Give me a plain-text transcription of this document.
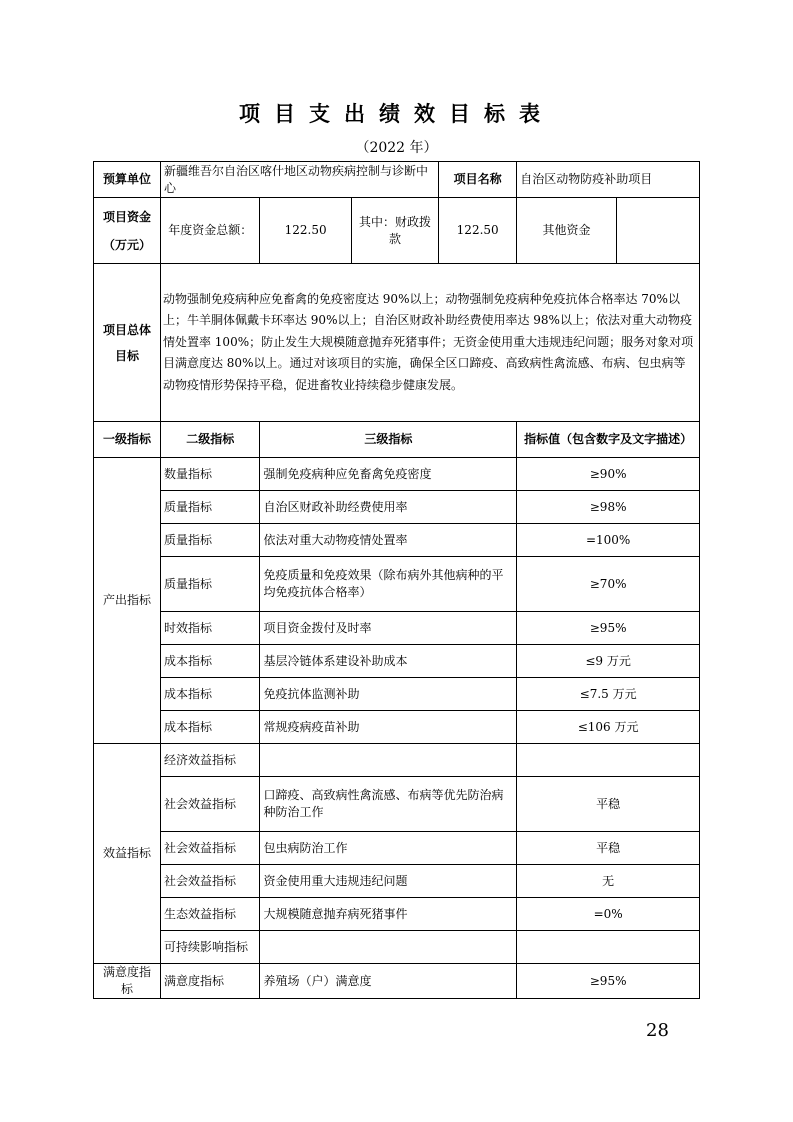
项目支出绩效目标表
（2022 年）
预算单位	新疆维吾尔自治区喀什地区动物疾病控制与诊断中心			项目名称	自治区动物防疫补助项目	
项目资金
（万元）	年度资金总额：	122.50	其中：财政拨款	122.50	其他资金	
项目总体目标	动物强制免疫病种应免畜禽的免疫密度达 90%以上；动物强制免疫病种免疫抗体合格率达 70%以上；牛羊胴体佩戴卡环率达 90%以上；自治区财政补助经费使用率达 98%以上；依法对重大动物疫情处置率 100%；防止发生大规模随意抛弃死猪事件；无资金使用重大违规违纪问题；服务对象对项目满意度达 80%以上。通过对该项目的实施，确保全区口蹄疫、高致病性禽流感、布病、包虫病等动物疫情形势保持平稳，促进畜牧业持续稳步健康发展。					
一级指标	二级指标	三级指标			指标值（包含数字及文字描述）	
产出指标	数量指标	强制免疫病种应免畜禽免疫密度			≥90%	
	质量指标	自治区财政补助经费使用率			≥98%	
	质量指标	依法对重大动物疫情处置率			=100%	
	质量指标	免疫质量和免疫效果（除布病外其他病种的平均免疫抗体合格率）			≥70%	
	时效指标	项目资金拨付及时率			≥95%	
	成本指标	基层冷链体系建设补助成本			≤9 万元	
	成本指标	免疫抗体监测补助			≤7.5 万元	
	成本指标	常规疫病疫苗补助			≤106 万元	
效益指标	经济效益指标					
	社会效益指标	口蹄疫、高致病性禽流感、布病等优先防治病种防治工作			平稳	
	社会效益指标	包虫病防治工作			平稳	
	社会效益指标	资金使用重大违规违纪问题			无	
	生态效益指标	大规模随意抛弃病死猪事件			=0%	
	可持续影响指标					
满意度指标	满意度指标	养殖场（户）满意度			≥95%	
28
